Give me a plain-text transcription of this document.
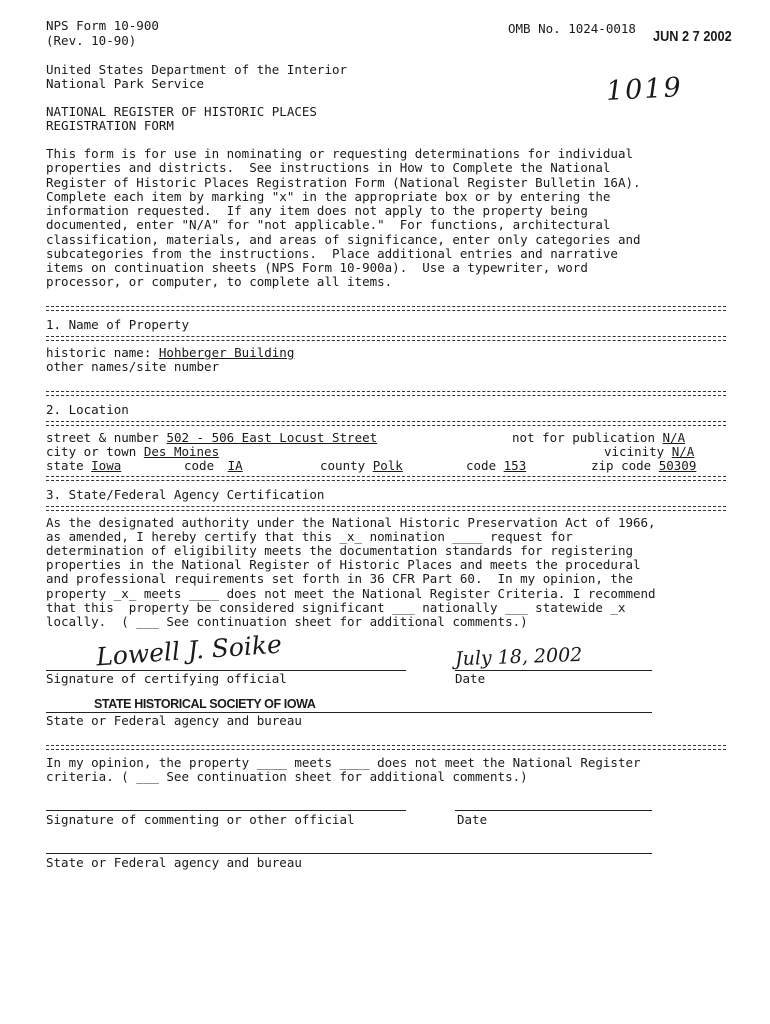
NPS Form 10-900
(Rev. 10-90)
OMB No. 1024-0018 JUN 2 7 2002
1019
United States Department of the Interior
National Park Service
NATIONAL REGISTER OF HISTORIC PLACES
REGISTRATION FORM
This form is for use in nominating or requesting determinations for individual
properties and districts.  See instructions in How to Complete the National
Register of Historic Places Registration Form (National Register Bulletin 16A).
Complete each item by marking "x" in the appropriate box or by entering the
information requested.  If any item does not apply to the property being
documented, enter "N/A" for "not applicable."  For functions, architectural
classification, materials, and areas of significance, enter only categories and
subcategories from the instructions.  Place additional entries and narrative
items on continuation sheets (NPS Form 10-900a).  Use a typewriter, word
processor, or computer, to complete all items.
1. Name of Property
historic name: Hohberger Building
other names/site number
2. Location
street & number 502 - 506 East Locust Street	not for publication N/A
city or town Des Moines	vicinity N/A
state Iowa	code IA	county Polk	code 153	zip code 50309
3. State/Federal Agency Certification
As the designated authority under the National Historic Preservation Act of 1966,
as amended, I hereby certify that this _x_ nomination ____ request for
determination of eligibility meets the documentation standards for registering
properties in the National Register of Historic Places and meets the procedural
and professional requirements set forth in 36 CFR Part 60.  In my opinion, the
property _x_ meets ____ does not meet the National Register Criteria. I recommend
that this  property be considered significant ___ nationally ___ statewide _x
locally.  ( ___ See continuation sheet for additional comments.)
Lowell J. Soike
Signature of certifying official
July 18, 2002
Date
STATE HISTORICAL SOCIETY OF IOWA
State or Federal agency and bureau
In my opinion, the property ____ meets ____ does not meet the National Register
criteria. ( ___ See continuation sheet for additional comments.)
Signature of commenting or other official	Date
State or Federal agency and bureau
